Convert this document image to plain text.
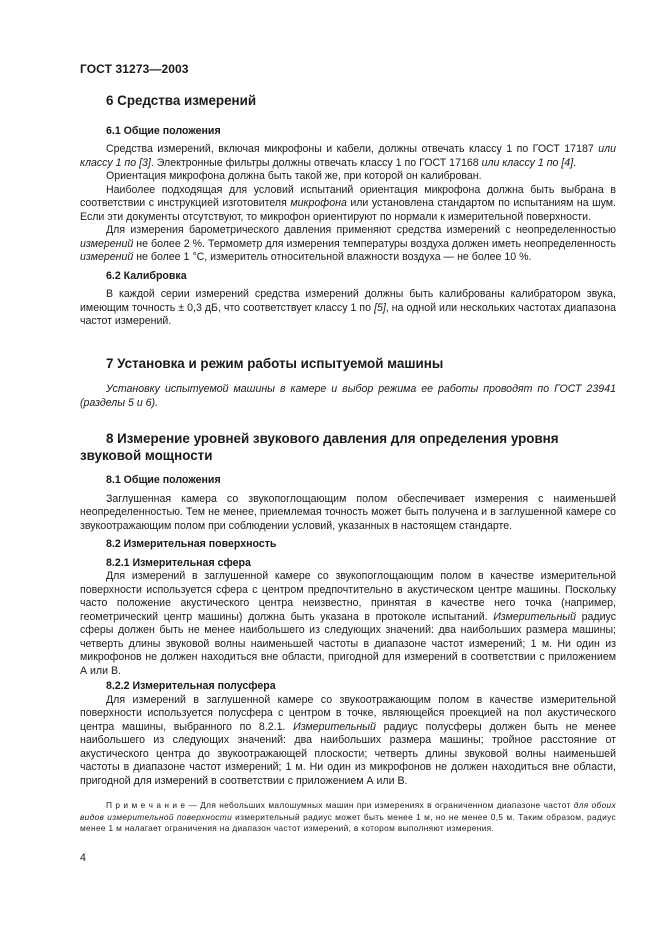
ГОСТ 31273—2003
6 Средства измерений
6.1 Общие положения

Средства измерений, включая микрофоны и кабели, должны отвечать классу 1 по ГОСТ 17187 или классу 1 по [3]. Электронные фильтры должны отвечать классу 1 по ГОСТ 17168 или классу 1 по [4].

Ориентация микрофона должна быть такой же, при которой он калиброван.

Наиболее подходящая для условий испытаний ориентация микрофона должна быть выбрана в соответствии с инструкцией изготовителя микрофона или установлена стандартом по испытаниям на шум. Если эти документы отсутствуют, то микрофон ориентируют по нормали к измерительной поверхности.

Для измерения барометрического давления применяют средства измерений с неопределенностью измерений не более 2 %. Термометр для измерения температуры воздуха должен иметь неопределенность измерений не более 1 °С, измеритель относительной влажности воздуха — не более 10 %.

6.2 Калибровка

В каждой серии измерений средства измерений должны быть калиброваны калибратором звука, имеющим точность ± 0,3 дБ, что соответствует классу 1 по [5], на одной или нескольких частотах диапазона частот измерений.

7 Установка и режим работы испытуемой машины

Установку испытуемой машины в камере и выбор режима ее работы проводят по ГОСТ 23941 (разделы 5 и 6).

8 Измерение уровней звукового давления для определения уровня звуковой мощности
8.1 Общие положения

Заглушенная камера со звукопоглощающим полом обеспечивает измерения с наименьшей неопределенностью. Тем не менее, приемлемая точность может быть получена и в заглушенной камере со звукоотражающим полом при соблюдении условий, указанных в настоящем стандарте.

8.2 Измерительная поверхность
8.2.1 Измерительная сфера

Для измерений в заглушенной камере со звукопоглощающим полом в качестве измерительной поверхности используется сфера с центром предпочтительно в акустическом центре машины. Поскольку часто положение акустического центра неизвестно, принятая в качестве него точка (например, геометрический центр машины) должна быть указана в протоколе испытаний. Измерительный радиус сферы должен быть не менее наибольшего из следующих значений: два наибольших размера машины; четверть длины звуковой волны наименьшей частоты в диапазоне частот измерений; 1 м. Ни один из микрофонов не должен находиться вне области, пригодной для измерений в соответствии с приложением А или В.

8.2.2 Измерительная полусфера

Для измерений в заглушенной камере со звукоотражающим полом в качестве измерительной поверхности используется полусфера с центром в точке, являющейся проекцией на пол акустического центра машины, выбранного по 8.2.1. Измерительный радиус полусферы должен быть не менее наибольшего из следующих значений: два наибольших размера машины; тройное расстояние от акустического центра до звукоотражающей плоскости; четверть длины звуковой волны наименьшей частоты в диапазоне частот измерений; 1 м. Ни один из микрофонов не должен находиться вне области, пригодной для измерений в соответствии с приложением А или В.

П р и м е ч а н и е — Для небольших малошумных машин при измерениях в ограниченном диапазоне частот для обоих видов измерительной поверхности измерительный радиус может быть менее 1 м, но не менее 0,5 м. Таким образом, радиус менее 1 м налагает ограничения на диапазон частот измерений, в котором выполняют измерения.

4
